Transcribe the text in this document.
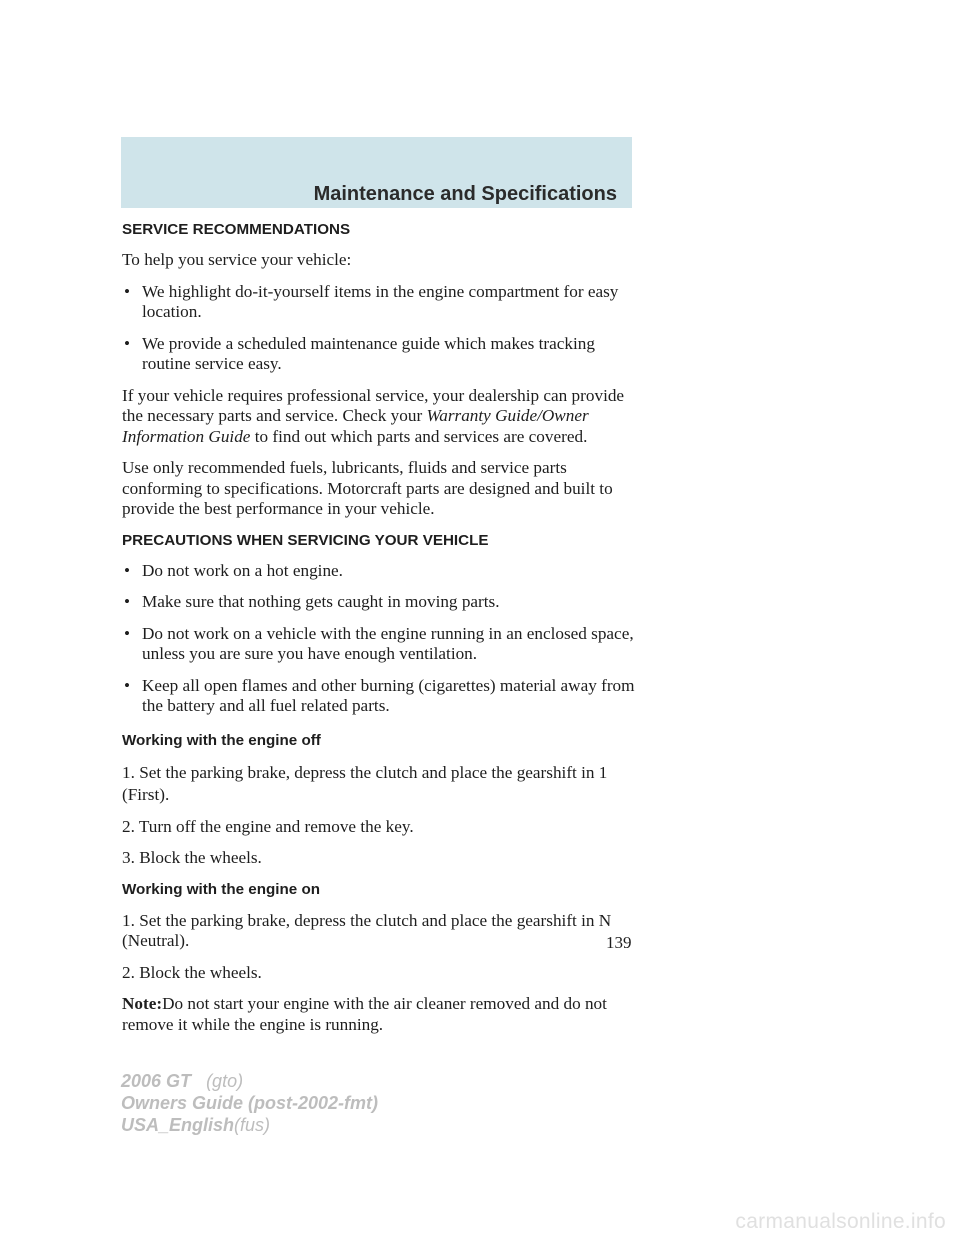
Maintenance and Specifications
SERVICE RECOMMENDATIONS
To help you service your vehicle:
• We highlight do-it-yourself items in the engine compartment for easy location.
• We provide a scheduled maintenance guide which makes tracking routine service easy.
If your vehicle requires professional service, your dealership can provide the necessary parts and service. Check your Warranty Guide/Owner Information Guide to find out which parts and services are covered.
Use only recommended fuels, lubricants, fluids and service parts conforming to specifications. Motorcraft parts are designed and built to provide the best performance in your vehicle.
PRECAUTIONS WHEN SERVICING YOUR VEHICLE
• Do not work on a hot engine.
• Make sure that nothing gets caught in moving parts.
• Do not work on a vehicle with the engine running in an enclosed space, unless you are sure you have enough ventilation.
• Keep all open flames and other burning (cigarettes) material away from the battery and all fuel related parts.
Working with the engine off
1. Set the parking brake, depress the clutch and place the gearshift in 1 (First).
2. Turn off the engine and remove the key.
3. Block the wheels.
Working with the engine on
1. Set the parking brake, depress the clutch and place the gearshift in N (Neutral).
2. Block the wheels.
Note:Do not start your engine with the air cleaner removed and do not remove it while the engine is running.
139
2006 GT (gto)
Owners Guide (post-2002-fmt)
USA_English(fus)
carmanualsonline.info
